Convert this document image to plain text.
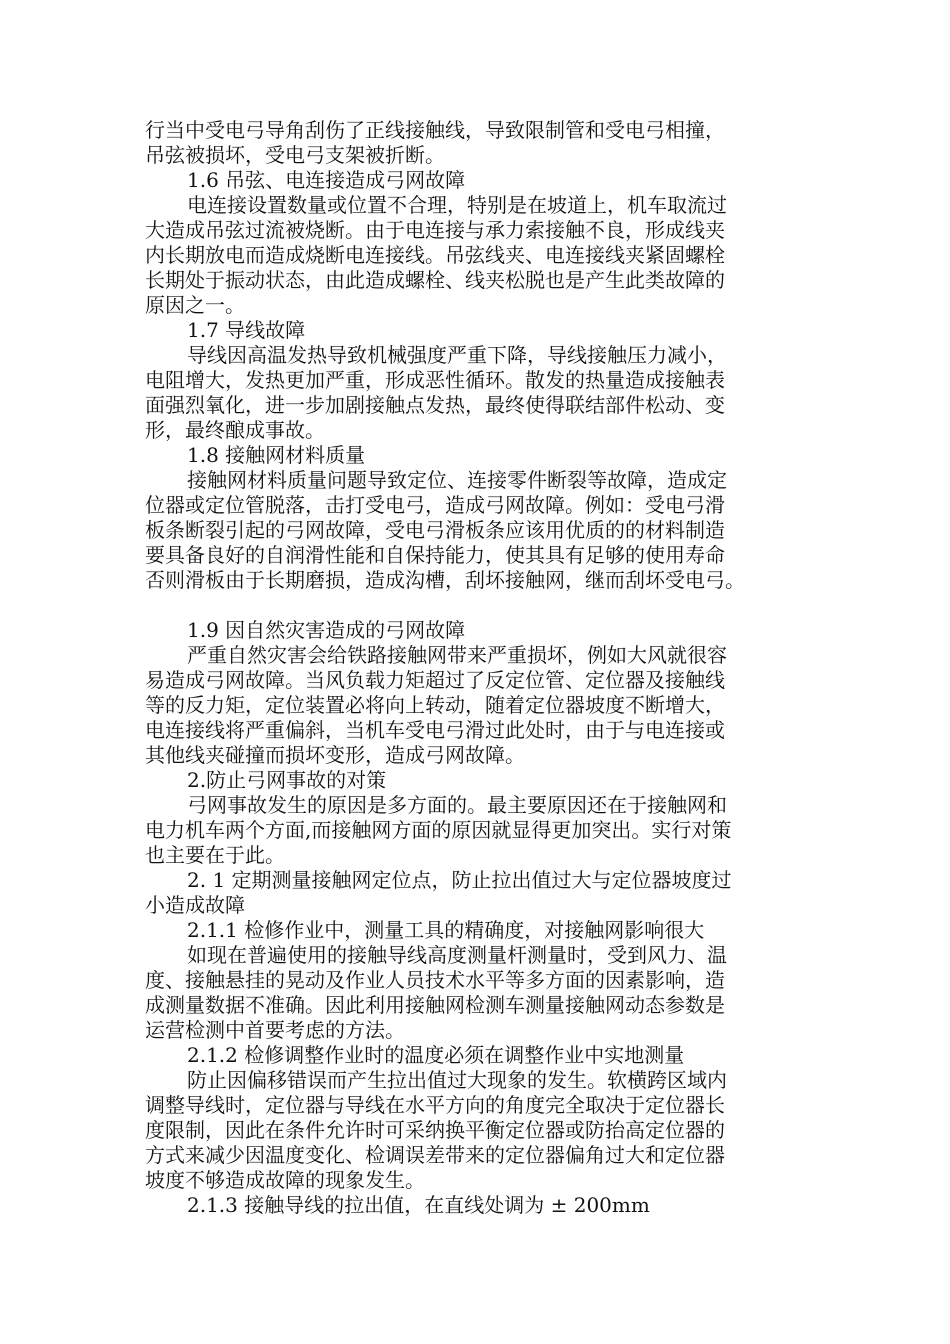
行当中受电弓导角刮伤了正线接触线，导致限制管和受电弓相撞，
吊弦被损坏，受电弓支架被折断。
1.6 吊弦、电连接造成弓网故障
电连接设置数量或位置不合理，特别是在坡道上，机车取流过
大造成吊弦过流被烧断。由于电连接与承力索接触不良，形成线夹
内长期放电而造成烧断电连接线。吊弦线夹、电连接线夹紧固螺栓
长期处于振动状态，由此造成螺栓、线夹松脱也是产生此类故障的
原因之一。
1.7 导线故障
导线因高温发热导致机械强度严重下降，导线接触压力减小，
电阻增大，发热更加严重，形成恶性循环。散发的热量造成接触表
面强烈氧化，进一步加剧接触点发热，最终使得联结部件松动、变
形，最终酿成事故。
1.8 接触网材料质量
接触网材料质量问题导致定位、连接零件断裂等故障，造成定
位器或定位管脱落，击打受电弓，造成弓网故障。例如：受电弓滑
板条断裂引起的弓网故障，受电弓滑板条应该用优质的的材料制造
要具备良好的自润滑性能和自保持能力，使其具有足够的使用寿命
否则滑板由于长期磨损，造成沟槽，刮坏接触网，继而刮坏受电弓。
1.9 因自然灾害造成的弓网故障
严重自然灾害会给铁路接触网带来严重损坏，例如大风就很容
易造成弓网故障。当风负载力矩超过了反定位管、定位器及接触线
等的反力矩，定位装置必将向上转动，随着定位器坡度不断增大，
电连接线将严重偏斜，当机车受电弓滑过此处时，由于与电连接或
其他线夹碰撞而损坏变形，造成弓网故障。
2.防止弓网事故的对策
弓网事故发生的原因是多方面的。最主要原因还在于接触网和
电力机车两个方面,而接触网方面的原因就显得更加突出。实行对策
也主要在于此。
2. 1 定期测量接触网定位点，防止拉出值过大与定位器坡度过
小造成故障
2.1.1 检修作业中，测量工具的精确度，对接触网影响很大
如现在普遍使用的接触导线高度测量杆测量时，受到风力、温
度、接触悬挂的晃动及作业人员技术水平等多方面的因素影响，造
成测量数据不准确。因此利用接触网检测车测量接触网动态参数是
运营检测中首要考虑的方法。
2.1.2 检修调整作业时的温度必须在调整作业中实地测量
防止因偏移错误而产生拉出值过大现象的发生。软横跨区域内
调整导线时，定位器与导线在水平方向的角度完全取决于定位器长
度限制，因此在条件允许时可采纳换平衡定位器或防抬高定位器的
方式来减少因温度变化、检调误差带来的定位器偏角过大和定位器
坡度不够造成故障的现象发生。
2.1.3 接触导线的拉出值，在直线处调为 ± 200mm
